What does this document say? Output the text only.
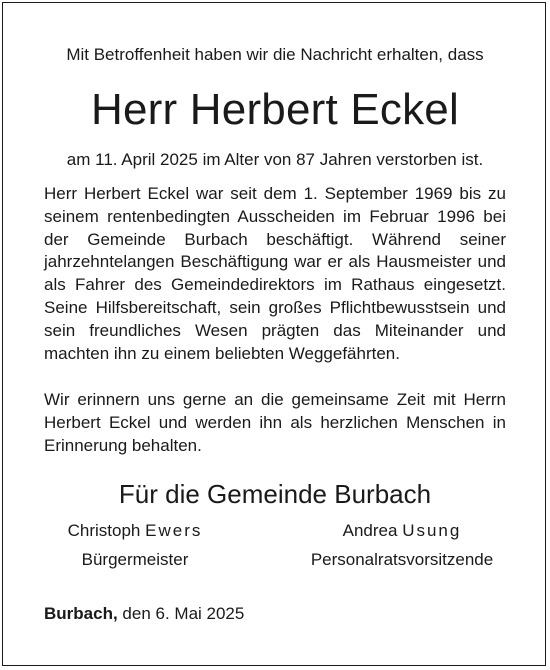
Mit Betroffenheit haben wir die Nachricht erhalten, dass
Herr Herbert Eckel
am 11. April 2025 im Alter von 87 Jahren verstorben ist.
Herr Herbert Eckel war seit dem 1. September 1969 bis zu seinem rentenbedingten Ausscheiden im Februar 1996 bei der Gemeinde Burbach beschäftigt. Während seiner jahrzehntelangen Beschäftigung war er als Hausmeister und als Fahrer des Gemeindedirektors im Rathaus eingesetzt. Seine Hilfsbereitschaft, sein großes Pflichtbewusstsein und sein freundliches Wesen prägten das Miteinander und machten ihn zu einem beliebten Weggefährten.
Wir erinnern uns gerne an die gemeinsame Zeit mit Herrn Herbert Eckel und werden ihn als herzlichen Menschen in Erinnerung behalten.
Für die Gemeinde Burbach
Christoph Ewers
Bürgermeister
Andrea Usung
Personalratsvorsitzende
Burbach, den 6. Mai 2025
